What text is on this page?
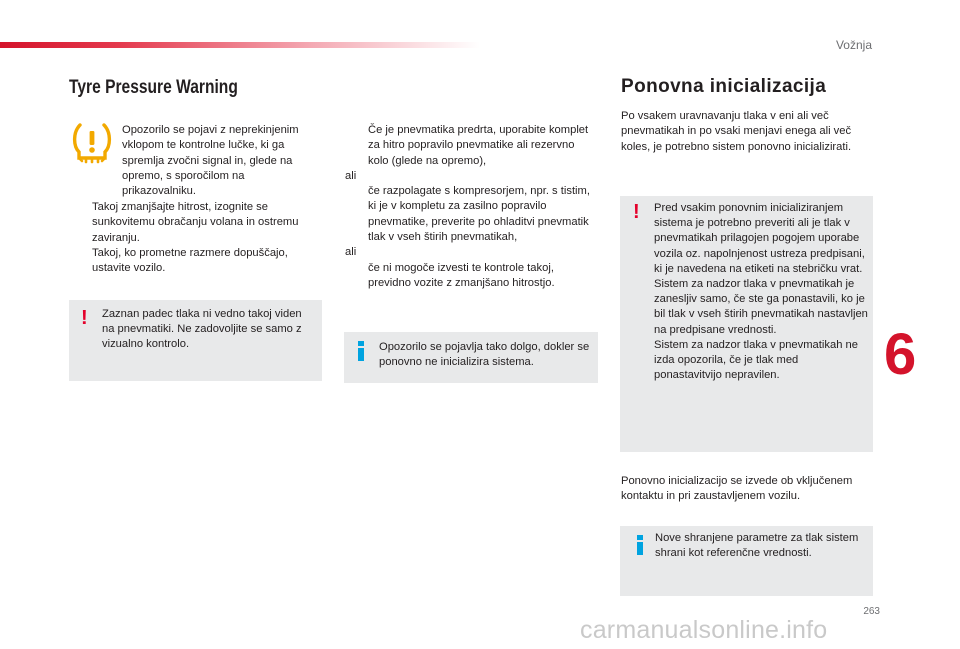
Vožnja
6
263
carmanualsonline.info
Tyre Pressure Warning
Opozorilo se pojavi z neprekinjenim vklopom te kontrolne lučke, ki ga spremlja zvočni signal in, glede na opremo, s sporočilom na prikazovalniku.

Takoj zmanjšajte hitrost, izognite se sunkovitemu obračanju volana in ostremu zaviranju.

Takoj, ko prometne razmere dopuščajo, ustavite vozilo.

! Zaznan padec tlaka ni vedno takoj viden na pnevmatiki. Ne zadovoljite se samo z vizualno kontrolo.

Če je pnevmatika predrta, uporabite komplet za hitro popravilo pnevmatike ali rezervno kolo (glede na opremo),

ali

če razpolagate s kompresorjem, npr. s tistim, ki je v kompletu za zasilno popravilo pnevmatike, preverite po ohladitvi pnevmatik tlak v vseh štirih pnevmatikah,

ali

če ni mogoče izvesti te kontrole takoj, previdno vozite z zmanjšano hitrostjo.

Opozorilo se pojavlja tako dolgo, dokler se ponovno ne inicializira sistema.
Ponovna inicializacija
Po vsakem uravnavanju tlaka v eni ali več pnevmatikah in po vsaki menjavi enega ali več koles, je potrebno sistem ponovno inicializirati.
! Pred vsakim ponovnim inicializiranjem sistema je potrebno preveriti ali je tlak v pnevmatikah prilagojen pogojem uporabe vozila oz. napolnjenost ustreza predpisani, ki je navedena na etiketi na stebričku vrat.

Sistem za nadzor tlaka v pnevmatikah je zanesljiv samo, če ste ga ponastavili, ko je bil tlak v vseh štirih pnevmatikah nastavljen na predpisane vrednosti.

Sistem za nadzor tlaka v pnevmatikah ne izda opozorila, če je tlak med ponastavitvijo nepravilen.

Ponovno inicializacijo se izvede ob vključenem kontaktu in pri zaustavljenem vozilu.
Nove shranjene parametre za tlak sistem shrani kot referenčne vrednosti.
